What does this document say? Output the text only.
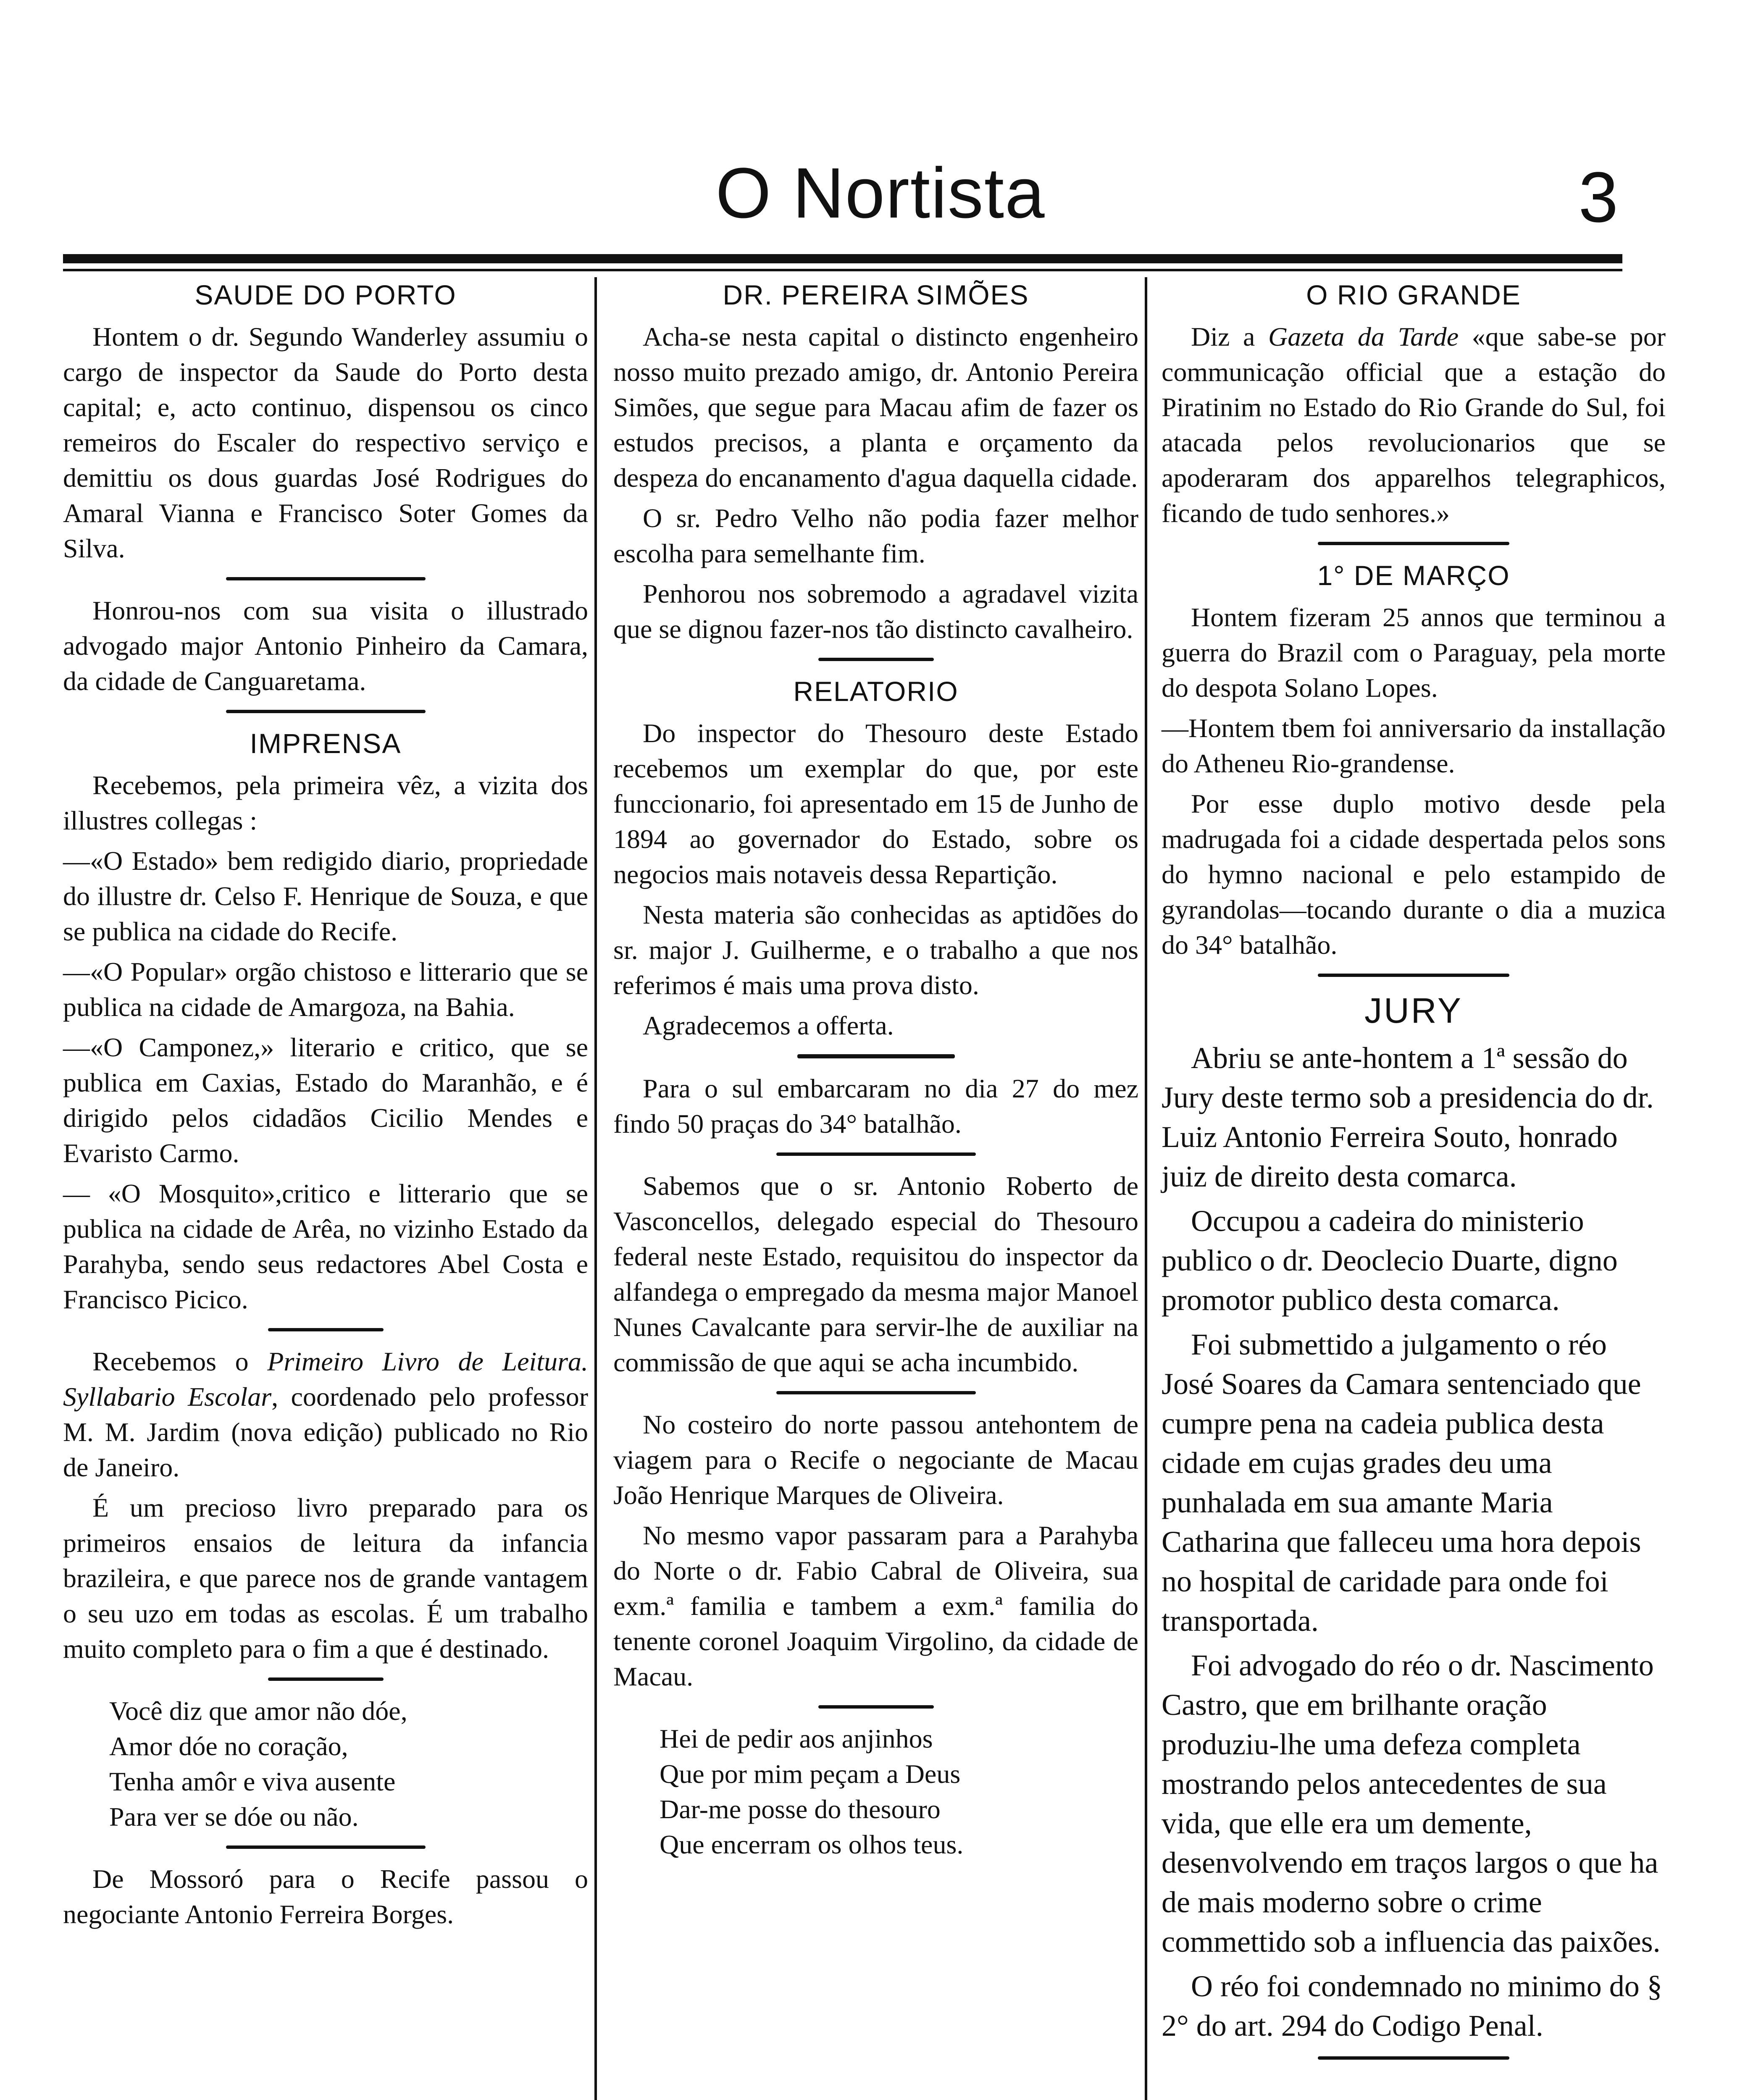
O Nortista	3
SAUDE DO PORTO

Hontem o dr. Segundo Wanderley assumiu o cargo de inspector da Saude do Porto desta capital; e, acto continuo, dispensou os cinco remeiros do Escaler do respectivo serviço e demittiu os dous guardas José Rodrigues do Amaral Vianna e Francisco Soter Gomes da Silva.

Honrou-nos com sua visita o illustrado advogado major Antonio Pinheiro da Camara, da cidade de Canguaretama.

IMPRENSA

Recebemos, pela primeira vêz, a vizita dos illustres collegas :

—«O Estado» bem redigido diario, propriedade do illustre dr. Celso F. Henrique de Souza, e que se publica na cidade do Recife.

—«O Popular» orgão chistoso e litterario que se publica na cidade de Amargoza, na Bahia.

—«O Camponez,» literario e critico, que se publica em Caxias, Estado do Maranhão, e é dirigido pelos cidadãos Cicilio Mendes e Evaristo Carmo.

— «O Mosquito»,critico e litterario que se publica na cidade de Arêa, no vizinho Estado da Parahyba, sendo seus redactores Abel Costa e Francisco Picico.

Recebemos o Primeiro Livro de Leitura. Syllabario Escolar, coordenado pelo professor M. M. Jardim (nova edição) publicado no Rio de Janeiro.

É um precioso livro preparado para os primeiros ensaios de leitura da infancia brazileira, e que parece nos de grande vantagem o seu uzo em todas as escolas. É um trabalho muito completo para o fim a que é destinado.

Você diz que amor não dóe,
Amor dóe no coração,
Tenha amôr e viva ausente
Para ver se dóe ou não.

De Mossoró para o Recife passou o negociante Antonio Ferreira Borges.

DR. PEREIRA SIMÕES

Acha-se nesta capital o distincto engenheiro nosso muito prezado amigo, dr. Antonio Pereira Simões, que segue para Macau afim de fazer os estudos precisos, a planta e orçamento da despeza do encanamento d'agua daquella cidade.

O sr. Pedro Velho não podia fazer melhor escolha para semelhante fim.

Penhorou nos sobremodo a agradavel vizita que se dignou fazer-nos tão distincto cavalheiro.

RELATORIO

Do inspector do Thesouro deste Estado recebemos um exemplar do que, por este funccionario, foi apresentado em 15 de Junho de 1894 ao governador do Estado, sobre os negocios mais notaveis dessa Repartição.

Nesta materia são conhecidas as aptidões do sr. major J. Guilherme, e o trabalho a que nos referimos é mais uma prova disto.

Agradecemos a offerta.

Para o sul embarcaram no dia 27 do mez findo 50 praças do 34° batalhão.

Sabemos que o sr. Antonio Roberto de Vasconcellos, delegado especial do Thesouro federal neste Estado, requisitou do inspector da alfandega o empregado da mesma major Manoel Nunes Cavalcante para servir-lhe de auxiliar na commissão de que aqui se acha incumbido.

No costeiro do norte passou antehontem de viagem para o Recife o negociante de Macau João Henrique Marques de Oliveira.

No mesmo vapor passaram para a Parahyba do Norte o dr. Fabio Cabral de Oliveira, sua exm.ª familia e tambem a exm.ª familia do tenente coronel Joaquim Virgolino, da cidade de Macau.

Hei de pedir aos anjinhos
Que por mim peçam a Deus
Dar-me posse do thesouro
Que encerram os olhos teus.
O RIO GRANDE

Diz a Gazeta da Tarde «que sabe-se por communicação official que a estação do Piratinim no Estado do Rio Grande do Sul, foi atacada pelos revolucionarios que se apoderaram dos apparelhos telegraphicos, ficando de tudo senhores.»

1° DE MARÇO

Hontem fizeram 25 annos que terminou a guerra do Brazil com o Paraguay, pela morte do despota Solano Lopes.

—Hontem tbem foi anniversario da installação do Atheneu Rio-grandense.

Por esse duplo motivo desde pela madrugada foi a cidade despertada pelos sons do hymno nacional e pelo estampido de gyrandolas—tocando durante o dia a muzica do 34° batalhão.

JURY

Abriu se ante-hontem a 1ª sessão do Jury deste termo sob a presidencia do dr. Luiz Antonio Ferreira Souto, honrado juiz de direito desta comarca.

Occupou a cadeira do ministerio publico o dr. Deoclecio Duarte, digno promotor publico desta comarca.

Foi submettido a julgamento o réo José Soares da Camara sentenciado que cumpre pena na cadeia publica desta cidade em cujas grades deu uma punhalada em sua amante Maria Catharina que falleceu uma hora depois no hospital de caridade para onde foi transportada.

Foi advogado do réo o dr. Nascimento Castro, que em brilhante oração produziu-lhe uma defeza completa mostrando pelos antecedentes de sua vida, que elle era um demente, desenvolvendo em traços largos o que ha de mais moderno sobre o crime commettido sob a influencia das paixões.

O réo foi condemnado no minimo do § 2° do art. 294 do Codigo Penal.
